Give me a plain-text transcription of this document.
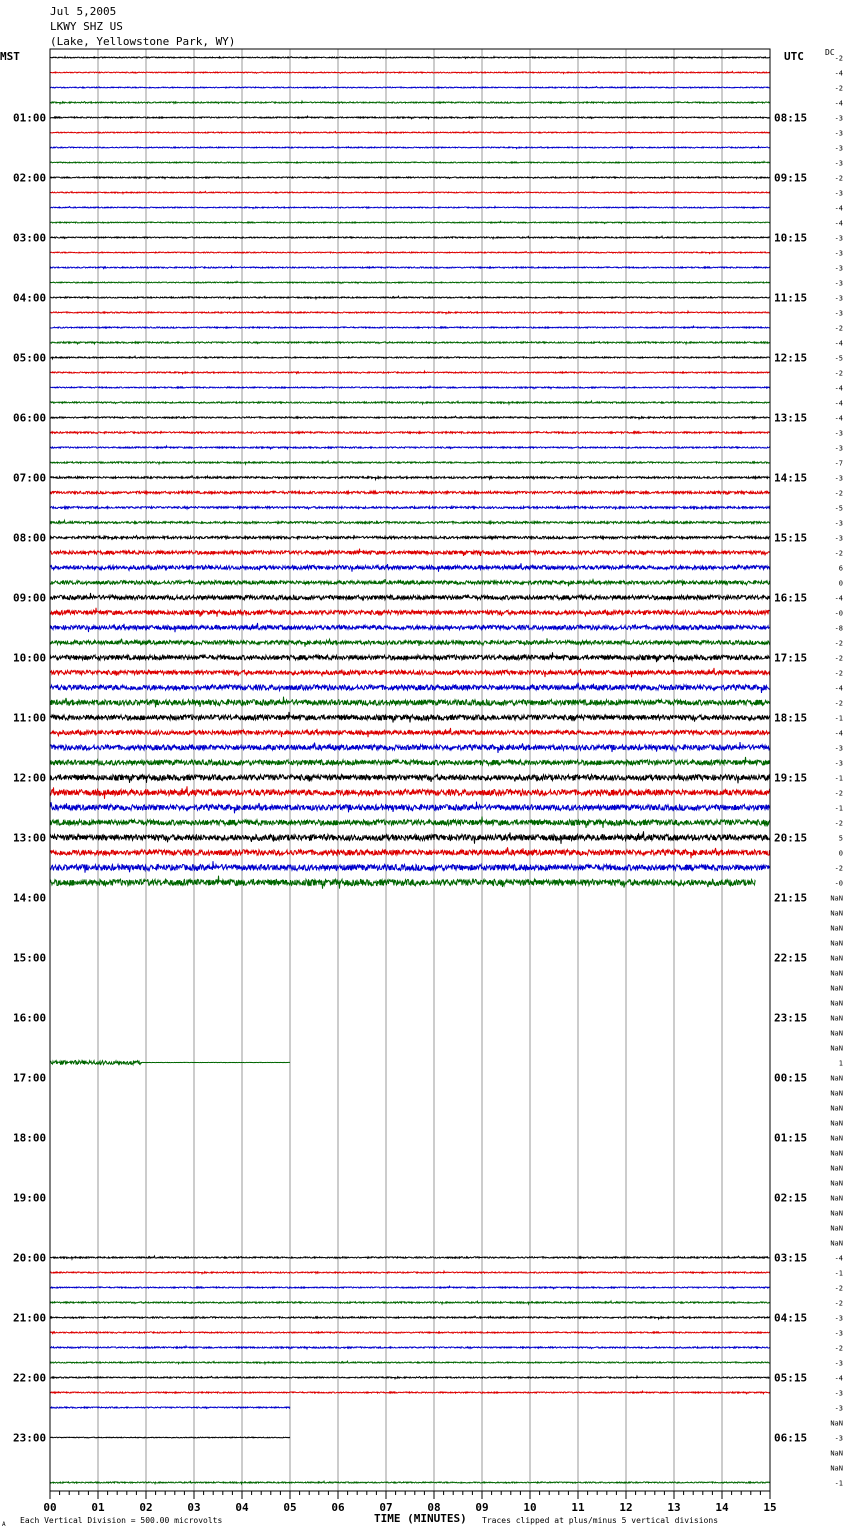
Jul 5,2005
LKWY SHZ US
(Lake, Yellowstone Park, WY)
00	01	02	03	04	05	06	07	08	09	10	11	12	13	14	15
01:00
02:00
03:00
04:00
05:00
06:00
07:00
08:00
09:00
10:00
11:00
12:00
13:00
14:00
15:00
16:00
17:00
18:00
19:00
20:00
21:00
22:00
23:00
08:15
09:15
10:15
11:15
12:15
13:15
14:15
15:15
16:15
17:15
18:15
19:15
20:15
21:15
22:15
23:15
00:15
01:15
02:15
03:15
04:15
05:15
06:15
-2
-4
-2
-4
-3
-3
-3
-3
-2
-3
-4
-4
-3
-3
-3
-3
-3
-3
-2
-4
-5
-2
-4
-4
-4
-3
-3
-7
-3
-2
-5
-3
-3
-2
6
0
-4
-0
-8
-2
-2
-2
-4
-2
-1
-4
-3
-3
-1
-2
-1
-2
5
0
-2
-0
NaN
NaN
NaN
NaN
NaN
NaN
NaN
NaN
NaN
NaN
NaN
1
NaN
NaN
NaN
NaN
NaN
NaN
NaN
NaN
NaN
NaN
NaN
NaN
-4
-1
-2
-2
-3
-3
-2
-3
-4
-3
-3
NaN
-3
NaN
NaN
-1
MST	UTC	DC
TIME (MINUTES)
Each Vertical Division = 500.00 microvolts	Traces clipped at plus/minus 5 vertical divisions
A
